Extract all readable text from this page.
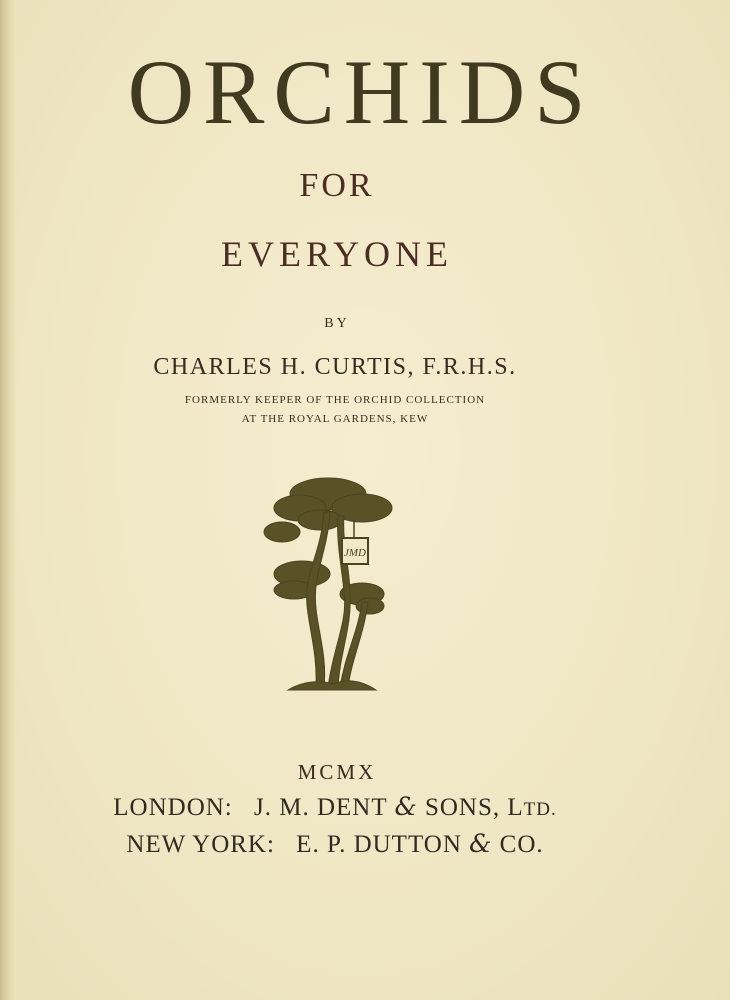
ORCHIDS
FOR
EVERYONE
BY
CHARLES H. CURTIS, F.R.H.S.
FORMERLY KEEPER OF THE ORCHID COLLECTION
AT THE ROYAL GARDENS, KEW
JMD
MCMX
LONDON: J. M. DENT & SONS, LTD.
NEW YORK: E. P. DUTTON & CO.
